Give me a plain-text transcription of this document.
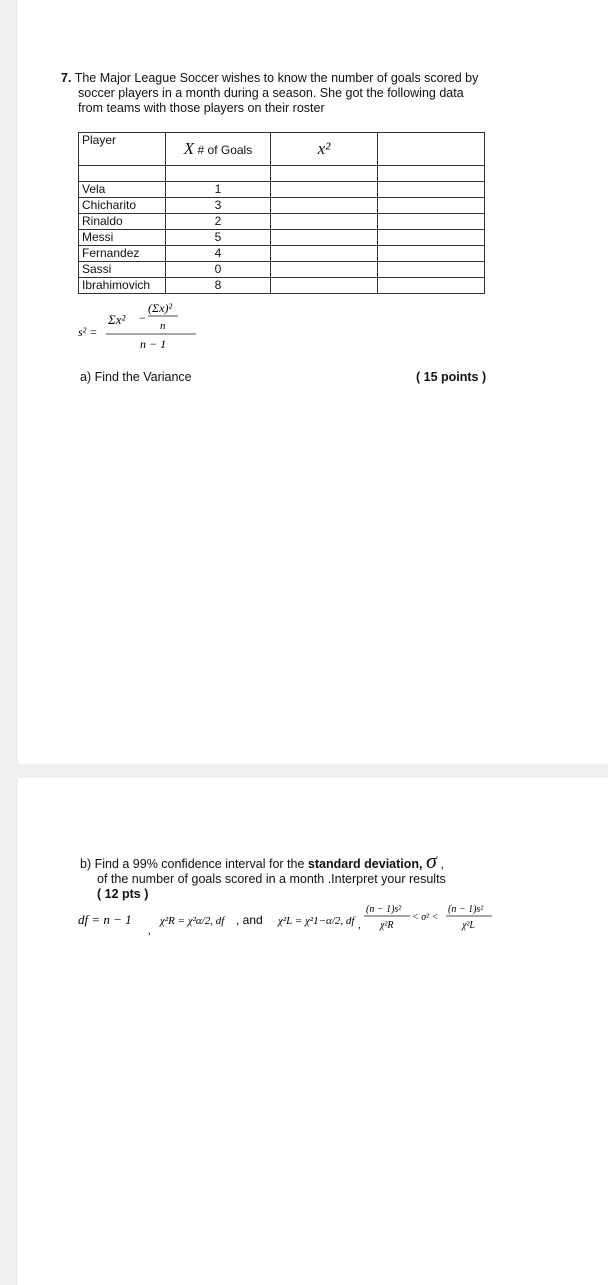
7. The Major League Soccer wishes to know the number of goals scored by
soccer players in a month during a season. She got the following data
from teams with those players on their roster
Player	X # of Goals	x²	

Vela	1		
Chicharito	3		
Rinaldo	2		
Messi	5		
Fernandez	4		
Sassi	0		
Ibrahimovich	8		
s² =
Σx² −
(Σx)²
n
n − 1
a) Find the Variance	( 15 points )
b) Find a 99% confidence interval for the standard deviation, σ ,
of the number of goals scored in a month .Interpret your results
( 12 pts )
df = n − 1
,
χ²R = χ²α/2, df , and χ²L = χ²1−α/2, df ,
(n − 1)s²
χ²R
< σ² <
(n − 1)s²
χ²L
